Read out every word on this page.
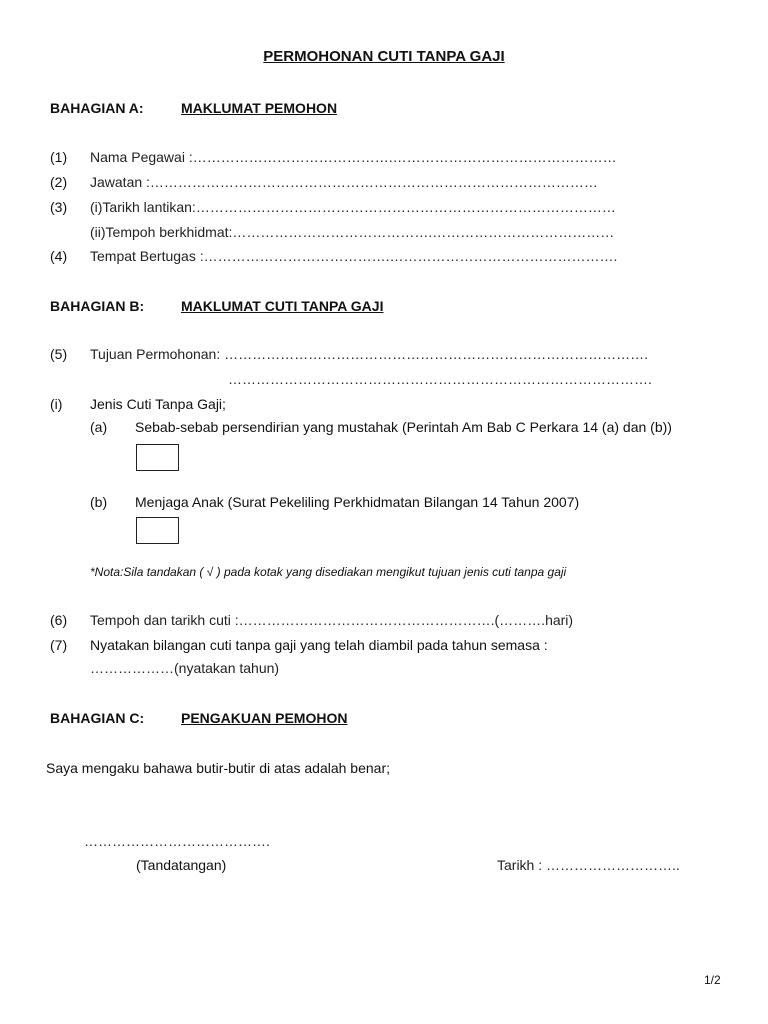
PERMOHONAN CUTI TANPA GAJI
BAHAGIAN A:	MAKLUMAT PEMOHON
(1) Nama Pegawai :…………………………………….…………………………………………
(2) Jawatan :……………………………………………………………………………………
(3) (i)Tarikh lantikan:………………………………………………………………………………
(ii)Tempoh berkhidmat:…………………………………….…………………………………
(4) Tempat Bertugas :………………………………….………………………………………….
BAHAGIAN B:	MAKLUMAT CUTI TANPA GAJI
(5) Tujuan Permohonan: ……………………………………………………………………………….
……………………………………………………………………………….
(i) Jenis Cuti Tanpa Gaji;
(a) Sebab-sebab persendirian yang mustahak (Perintah Am Bab C Perkara 14 (a) dan (b))
(b) Menjaga Anak (Surat Pekeliling Perkhidmatan Bilangan 14 Tahun 2007)
*Nota:Sila tandakan ( √ ) pada kotak yang disediakan mengikut tujuan jenis cuti tanpa gaji
(6) Tempoh dan tarikh cuti :……………………………………………….(……….hari)
(7) Nyatakan bilangan cuti tanpa gaji yang telah diambil pada tahun semasa :
………………(nyatakan tahun)
BAHAGIAN C:	PENGAKUAN PEMOHON
Saya mengaku bahawa butir-butir di atas adalah benar;
………………………………….
(Tandatangan)	Tarikh : ………………………..
1/2
